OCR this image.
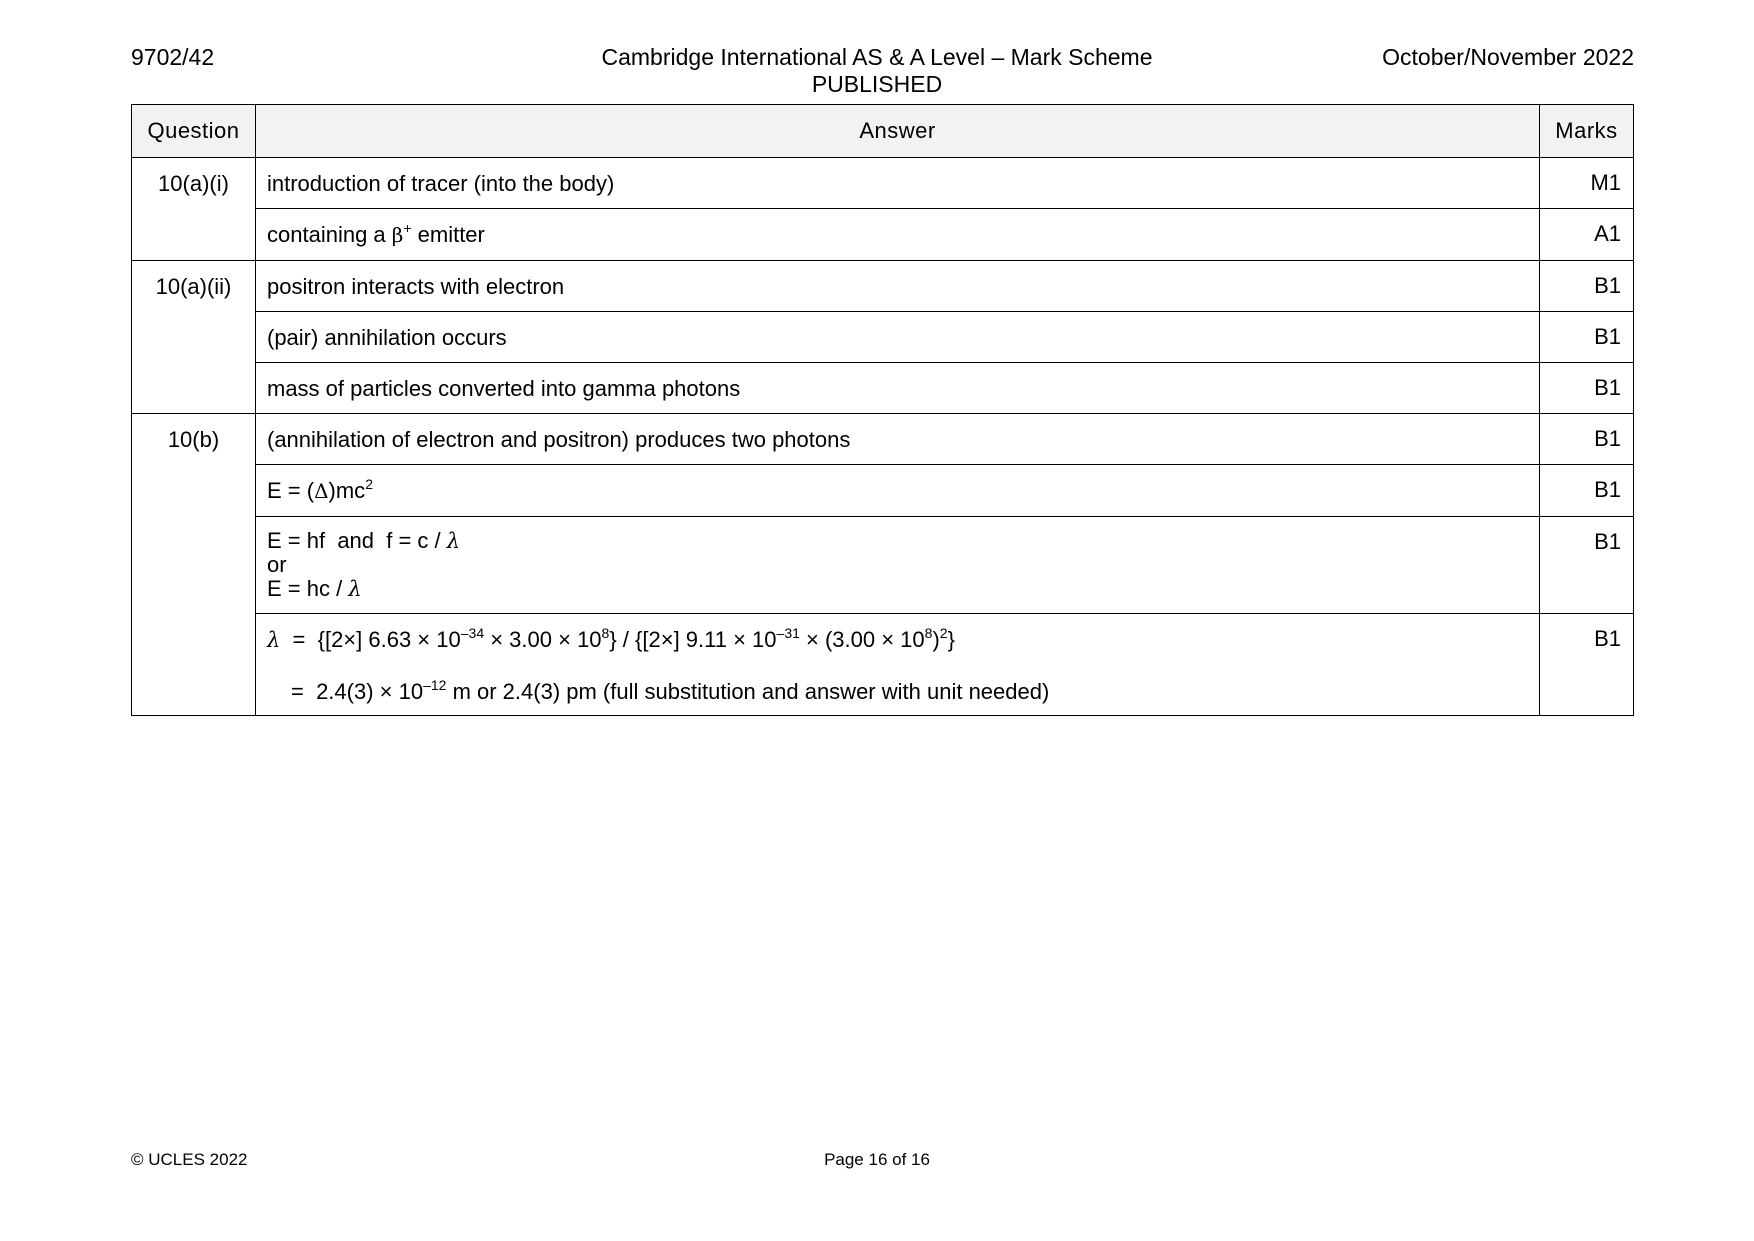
9702/42	Cambridge International AS & A Level – Mark Scheme
PUBLISHED
October/November 2022
Question	Answer	Marks
10(a)(i)	introduction of tracer (into the body)	M1
	containing a β+ emitter	A1
10(a)(ii)	positron interacts with electron	B1
	(pair) annihilation occurs	B1
	mass of particles converted into gamma photons	B1
10(b)	(annihilation of electron and positron) produces two photons	B1
	$E = (\Delta)mc^2$	B1

	E = hf  and  f = c / λ
or
E = hc / λ	B1

	λ  =  {[2×] $6.63 \times 10^{-34} \times 3.00 \times 10^8\} / \{[2\times] 9.11 \times 10^{-31} \times (3.00 \times 10^8)^2\}$
=  $2.4(3) \times 10^{-12}$ m or 2.4(3) pm (full substitution and answer with unit needed)	B1
© UCLES 2022	Page 16 of 16
